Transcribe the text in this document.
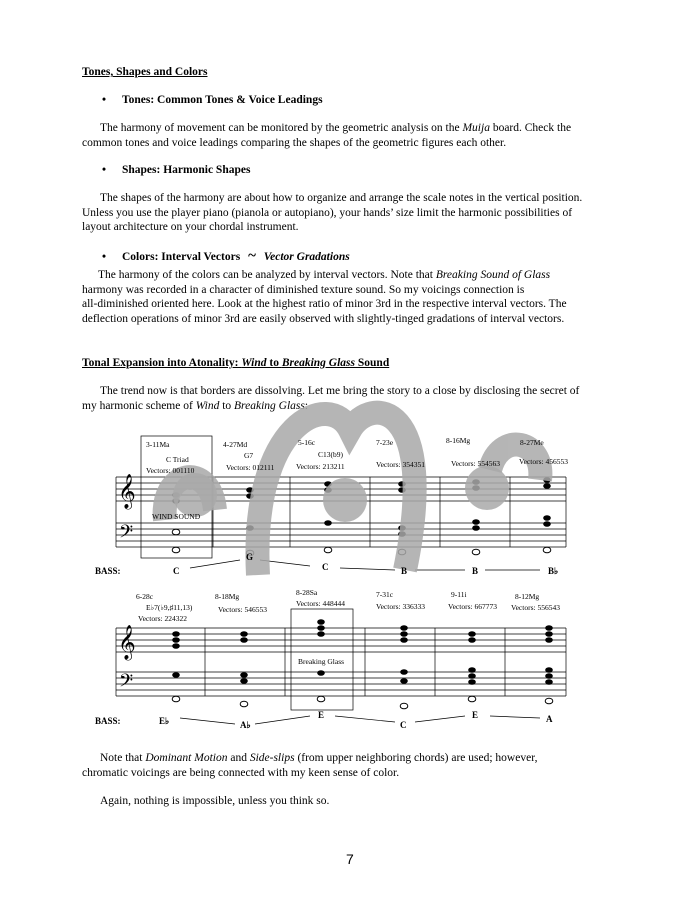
Tones, Shapes and Colors
• Tones: Common Tones & Voice Leadings
The harmony of movement can be monitored by the geometric analysis on the Muija board. Check the
common tones and voice leadings comparing the shapes of the geometric figures each other.
• Shapes: Harmonic Shapes
The shapes of the harmony are about how to organize and arrange the scale notes in the vertical position.
Unless you use the player piano (pianola or autopiano), your hands’ size limit the harmonic possibilities of
layout architecture on your chordal instrument.
• Colors: Interval Vectors ~ Vector Gradations
The harmony of the colors can be analyzed by interval vectors. Note that Breaking Sound of Glass
harmony was recorded in a character of diminished texture sound. So my voicings connection is
all-diminished oriented here. Look at the highest ratio of minor 3rd in the respective interval vectors. The
deflection operations of minor 3rd are easily observed with slightly-tinged gradations of interval vectors.
Tonal Expansion into Atonality: Wind to Breaking Glass Sound
The trend now is that borders are dissolving. Let me bring the story to a close by disclosing the secret of
my harmonic scheme of Wind to Breaking Glass:
𝄞
𝄢
𝄞
𝄢
3-11Ma
C Triad
Vectors: 001110
WIND SOUND
4-27Md
G7
Vectors: 012111
5-16c
C13(b9)
Vectors: 213211
7-23e
Vectors: 354351
8-16Mg
Vectors: 554563
8-27Me
Vectors: 456553
BASS:	C
G
C	B	B	B♭
6-28c
E♭7(♭9,♯11,13)
Vectors: 224322
8-18Mg
Vectors: 546553
8-28Sa
Vectors: 448444
Breaking Glass
7-31c
Vectors: 336333
9-11i
Vectors: 667773
8-12Mg
Vectors: 556543
BASS:	E♭	A♭
E
C
E	A
Note that Dominant Motion and Side-slips (from upper neighboring chords) are used; however,
chromatic voicings are being connected with my keen sense of color.
Again, nothing is impossible, unless you think so.
7
